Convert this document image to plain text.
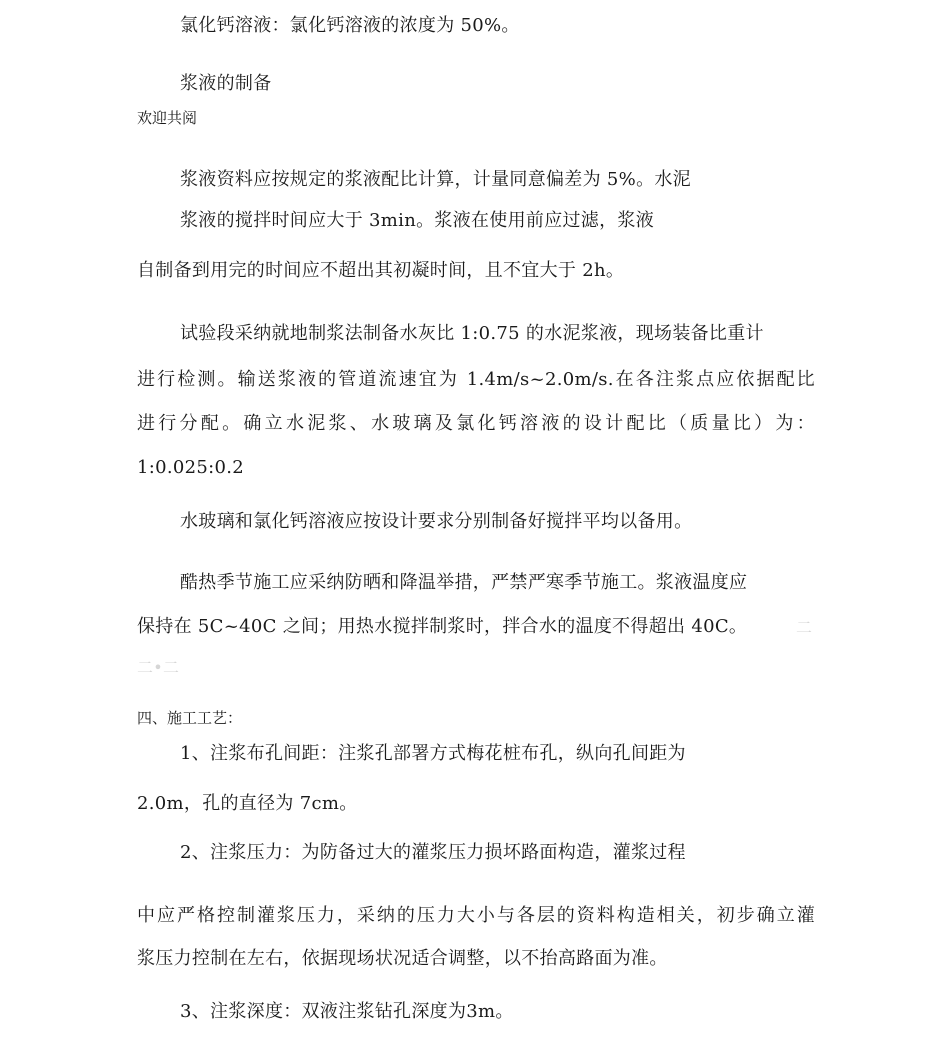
氯化钙溶液：氯化钙溶液的浓度为 50%。
浆液的制备
欢迎共阅
浆液资料应按规定的浆液配比计算，计量同意偏差为 5%。水泥
浆液的搅拌时间应大于 3min。浆液在使用前应过滤，浆液
自制备到用完的时间应不超出其初凝时间，且不宜大于 2h。
试验段采纳就地制浆法制备水灰比 1:0.75 的水泥浆液，现场装备比重计
进行检测。输送浆液的管道流速宜为 1.4m/s~2.0m/s.在各注浆点应依据配比
进行分配。确立水泥浆、水玻璃及氯化钙溶液的设计配比（质量比）为：
1:0.025:0.2
水玻璃和氯化钙溶液应按设计要求分别制备好搅拌平均以备用。
酷热季节施工应采纳防晒和降温举措，严禁严寒季节施工。浆液温度应
保持在 5C~40C 之间；用热水搅拌制浆时，拌合水的温度不得超出 40C。	二
二•二
四、施工工艺：
1、注浆布孔间距：注浆孔部署方式梅花桩布孔，纵向孔间距为
2.0m，孔的直径为 7cm。
2、注浆压力：为防备过大的灌浆压力损坏路面构造，灌浆过程
中应严格控制灌浆压力，采纳的压力大小与各层的资料构造相关，初步确立灌
浆压力控制在左右，依据现场状况适合调整，以不抬高路面为准。
3、注浆深度：双液注浆钻孔深度为3m。
